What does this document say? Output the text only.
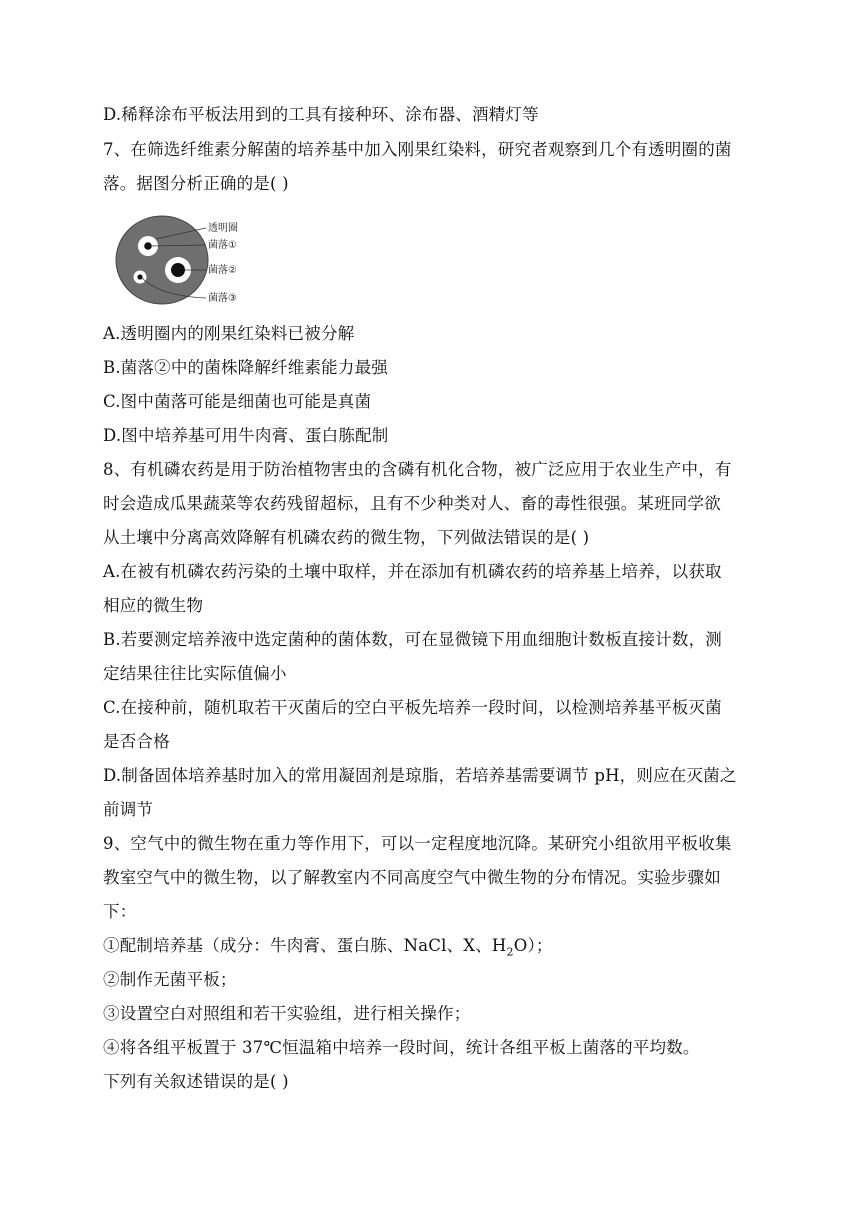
D.稀释涂布平板法用到的工具有接种环、涂布器、酒精灯等
7、在筛选纤维素分解菌的培养基中加入刚果红染料，研究者观察到几个有透明圈的菌
落。据图分析正确的是( )
透明圈
菌落①
菌落②
菌落③
A.透明圈内的刚果红染料已被分解
B.菌落②中的菌株降解纤维素能力最强
C.图中菌落可能是细菌也可能是真菌
D.图中培养基可用牛肉膏、蛋白胨配制
8、有机磷农药是用于防治植物害虫的含磷有机化合物，被广泛应用于农业生产中，有
时会造成瓜果蔬菜等农药残留超标，且有不少种类对人、畜的毒性很强。某班同学欲
从土壤中分离高效降解有机磷农药的微生物，下列做法错误的是( )
A.在被有机磷农药污染的土壤中取样，并在添加有机磷农药的培养基上培养，以获取
相应的微生物
B.若要测定培养液中选定菌种的菌体数，可在显微镜下用血细胞计数板直接计数，测
定结果往往比实际值偏小
C.在接种前，随机取若干灭菌后的空白平板先培养一段时间，以检测培养基平板灭菌
是否合格
D.制备固体培养基时加入的常用凝固剂是琼脂，若培养基需要调节 pH，则应在灭菌之
前调节
9、空气中的微生物在重力等作用下，可以一定程度地沉降。某研究小组欲用平板收集
教室空气中的微生物，以了解教室内不同高度空气中微生物的分布情况。实验步骤如
下：
①配制培养基（成分：牛肉膏、蛋白胨、NaCl、X、$H_2O$）；
②制作无菌平板；
③设置空白对照组和若干实验组，进行相关操作；
④将各组平板置于 37℃恒温箱中培养一段时间，统计各组平板上菌落的平均数。
下列有关叙述错误的是( )
